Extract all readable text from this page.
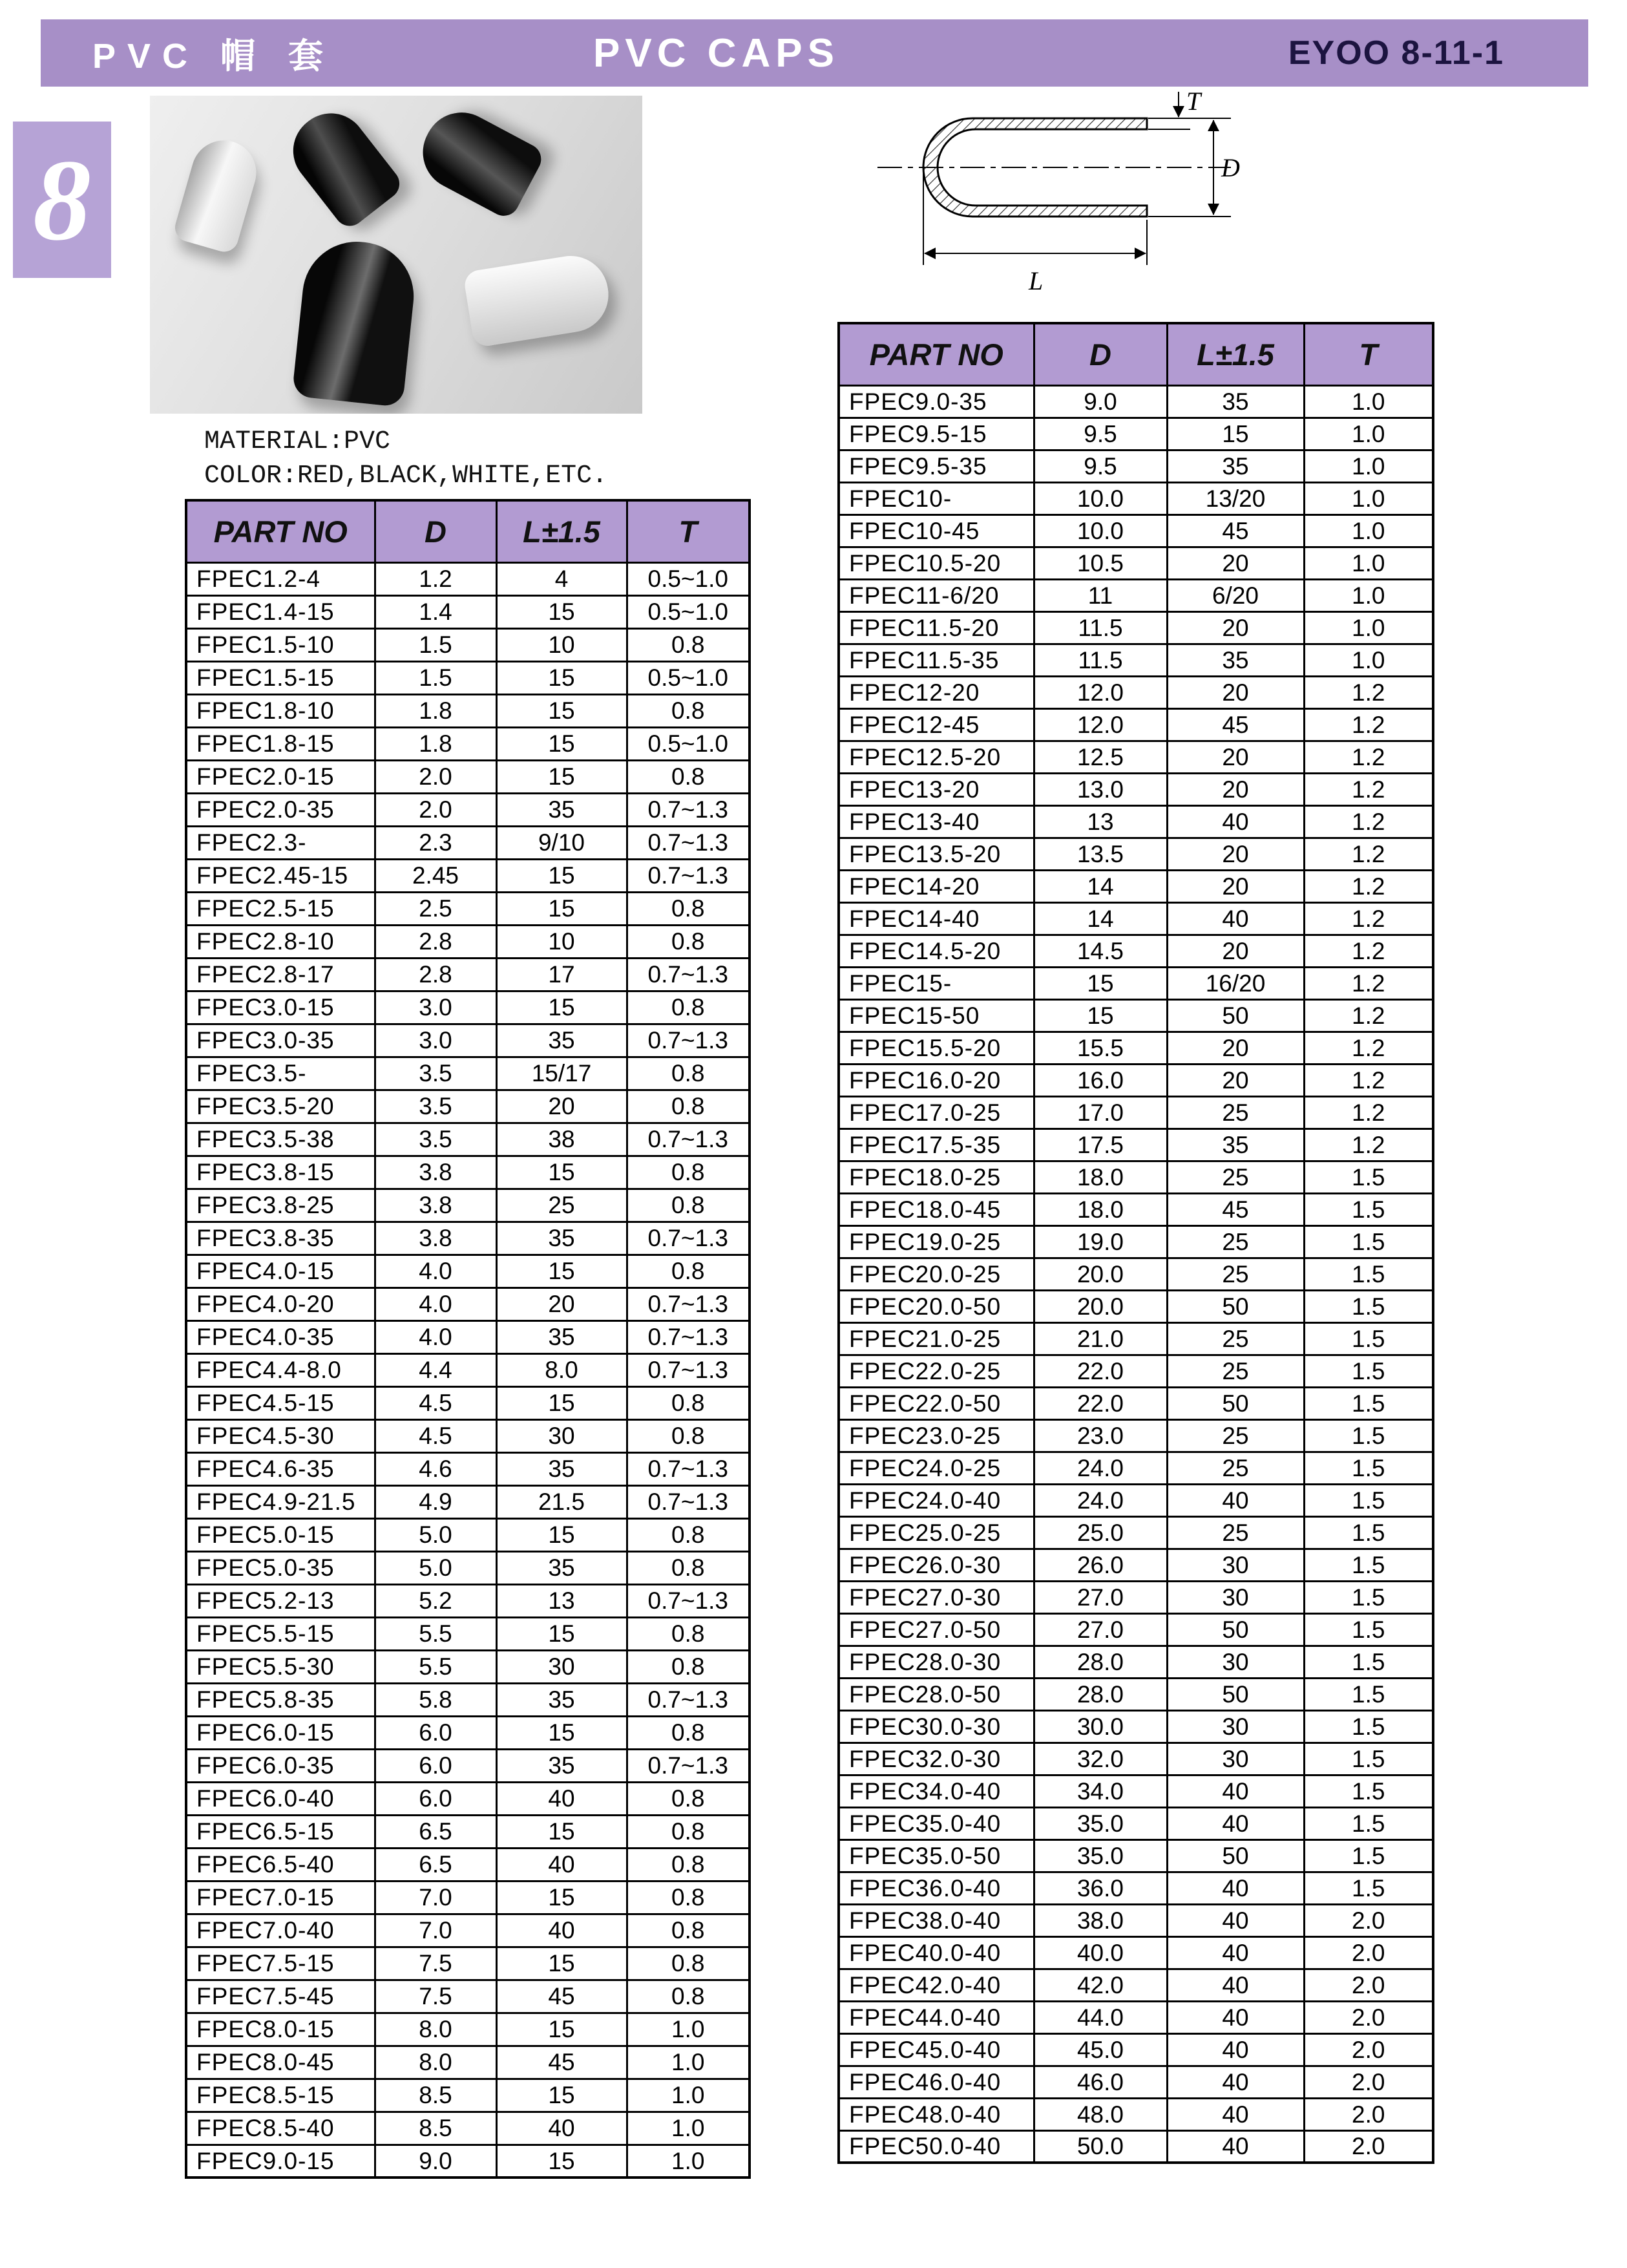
PVC 帽 套	PVC CAPS	EYOO 8-11-1
8
MATERIAL:PVC
COLOR:RED,BLACK,WHITE,ETC.
T
D
L
PART NO	D	L±1.5	T
FPEC1.2-4	1.2	4	0.5~1.0
FPEC1.4-15	1.4	15	0.5~1.0
FPEC1.5-10	1.5	10	0.8
FPEC1.5-15	1.5	15	0.5~1.0
FPEC1.8-10	1.8	15	0.8
FPEC1.8-15	1.8	15	0.5~1.0
FPEC2.0-15	2.0	15	0.8
FPEC2.0-35	2.0	35	0.7~1.3
FPEC2.3-	2.3	9/10	0.7~1.3
FPEC2.45-15	2.45	15	0.7~1.3
FPEC2.5-15	2.5	15	0.8
FPEC2.8-10	2.8	10	0.8
FPEC2.8-17	2.8	17	0.7~1.3
FPEC3.0-15	3.0	15	0.8
FPEC3.0-35	3.0	35	0.7~1.3
FPEC3.5-	3.5	15/17	0.8
FPEC3.5-20	3.5	20	0.8
FPEC3.5-38	3.5	38	0.7~1.3
FPEC3.8-15	3.8	15	0.8
FPEC3.8-25	3.8	25	0.8
FPEC3.8-35	3.8	35	0.7~1.3
FPEC4.0-15	4.0	15	0.8
FPEC4.0-20	4.0	20	0.7~1.3
FPEC4.0-35	4.0	35	0.7~1.3
FPEC4.4-8.0	4.4	8.0	0.7~1.3
FPEC4.5-15	4.5	15	0.8
FPEC4.5-30	4.5	30	0.8
FPEC4.6-35	4.6	35	0.7~1.3
FPEC4.9-21.5	4.9	21.5	0.7~1.3
FPEC5.0-15	5.0	15	0.8
FPEC5.0-35	5.0	35	0.8
FPEC5.2-13	5.2	13	0.7~1.3
FPEC5.5-15	5.5	15	0.8
FPEC5.5-30	5.5	30	0.8
FPEC5.8-35	5.8	35	0.7~1.3
FPEC6.0-15	6.0	15	0.8
FPEC6.0-35	6.0	35	0.7~1.3
FPEC6.0-40	6.0	40	0.8
FPEC6.5-15	6.5	15	0.8
FPEC6.5-40	6.5	40	0.8
FPEC7.0-15	7.0	15	0.8
FPEC7.0-40	7.0	40	0.8
FPEC7.5-15	7.5	15	0.8
FPEC7.5-45	7.5	45	0.8
FPEC8.0-15	8.0	15	1.0
FPEC8.0-45	8.0	45	1.0
FPEC8.5-15	8.5	15	1.0
FPEC8.5-40	8.5	40	1.0
FPEC9.0-15	9.0	15	1.0
PART NO	D	L±1.5	T
FPEC9.0-35	9.0	35	1.0
FPEC9.5-15	9.5	15	1.0
FPEC9.5-35	9.5	35	1.0
FPEC10-	10.0	13/20	1.0
FPEC10-45	10.0	45	1.0
FPEC10.5-20	10.5	20	1.0
FPEC11-6/20	11	6/20	1.0
FPEC11.5-20	11.5	20	1.0
FPEC11.5-35	11.5	35	1.0
FPEC12-20	12.0	20	1.2
FPEC12-45	12.0	45	1.2
FPEC12.5-20	12.5	20	1.2
FPEC13-20	13.0	20	1.2
FPEC13-40	13	40	1.2
FPEC13.5-20	13.5	20	1.2
FPEC14-20	14	20	1.2
FPEC14-40	14	40	1.2
FPEC14.5-20	14.5	20	1.2
FPEC15-	15	16/20	1.2
FPEC15-50	15	50	1.2
FPEC15.5-20	15.5	20	1.2
FPEC16.0-20	16.0	20	1.2
FPEC17.0-25	17.0	25	1.2
FPEC17.5-35	17.5	35	1.2
FPEC18.0-25	18.0	25	1.5
FPEC18.0-45	18.0	45	1.5
FPEC19.0-25	19.0	25	1.5
FPEC20.0-25	20.0	25	1.5
FPEC20.0-50	20.0	50	1.5
FPEC21.0-25	21.0	25	1.5
FPEC22.0-25	22.0	25	1.5
FPEC22.0-50	22.0	50	1.5
FPEC23.0-25	23.0	25	1.5
FPEC24.0-25	24.0	25	1.5
FPEC24.0-40	24.0	40	1.5
FPEC25.0-25	25.0	25	1.5
FPEC26.0-30	26.0	30	1.5
FPEC27.0-30	27.0	30	1.5
FPEC27.0-50	27.0	50	1.5
FPEC28.0-30	28.0	30	1.5
FPEC28.0-50	28.0	50	1.5
FPEC30.0-30	30.0	30	1.5
FPEC32.0-30	32.0	30	1.5
FPEC34.0-40	34.0	40	1.5
FPEC35.0-40	35.0	40	1.5
FPEC35.0-50	35.0	50	1.5
FPEC36.0-40	36.0	40	1.5
FPEC38.0-40	38.0	40	2.0
FPEC40.0-40	40.0	40	2.0
FPEC42.0-40	42.0	40	2.0
FPEC44.0-40	44.0	40	2.0
FPEC45.0-40	45.0	40	2.0
FPEC46.0-40	46.0	40	2.0
FPEC48.0-40	48.0	40	2.0
FPEC50.0-40	50.0	40	2.0
